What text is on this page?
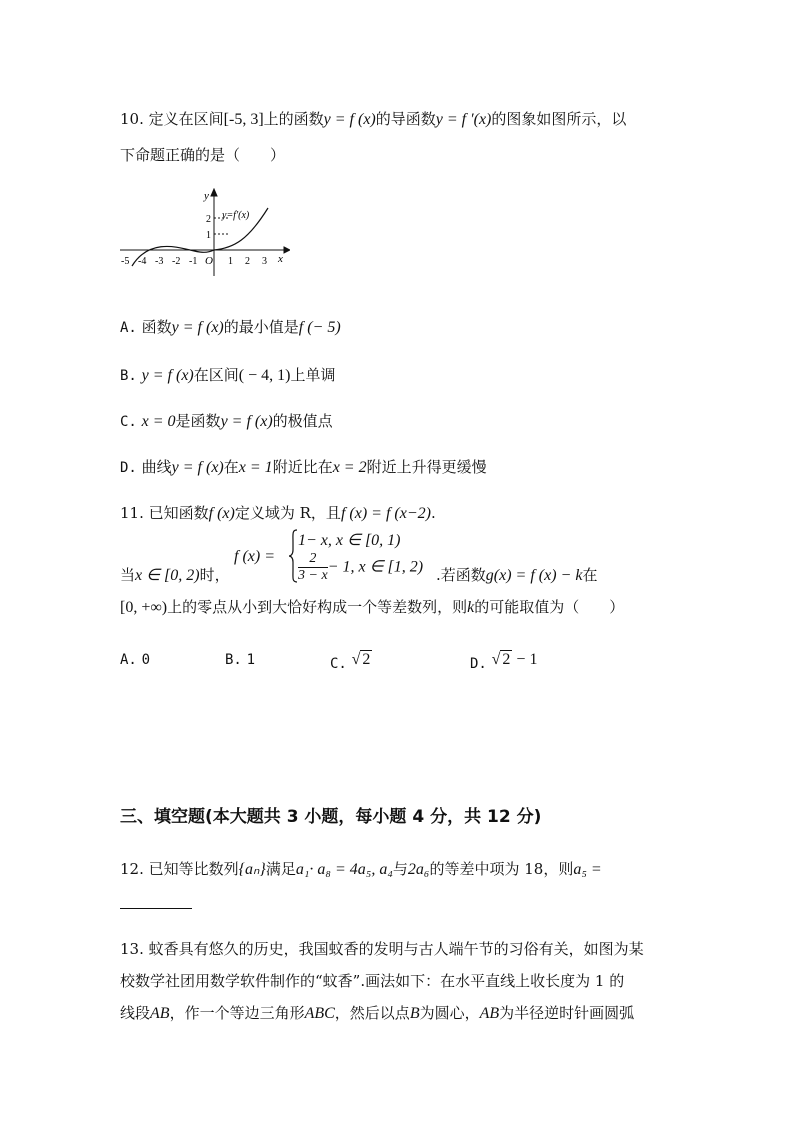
10. 定义在区间[-5, 3]上的函数y = f (x)的导函数y = f ′(x)的图象如图所示，以
下命题正确的是（　　）
y
x
y=f′(x)
O
-5 -4 -3 -2 -1	1 2 3
1
2
A. 函数y = f (x)的最小值是f (− 5)
B. y = f (x)在区间( − 4, 1)上单调
C. x = 0是函数y = f (x)的极值点
D. 曲线y = f (x)在x = 1附近比在x = 2附近上升得更缓慢
11. 已知函数f (x)定义域为 R，且f (x) = f (x−2).
当x ∈ [0, 2)时，
f (x) =
1− x, x ∈ [0, 1)
$\frac{2}{3 - x} - 1$, x ∈ [1, 2) .若函数g(x) = f (x) − k在
[0, +∞)上的零点从小到大恰好构成一个等差数列，则k的可能取值为（　　）
A. 0	B. 1	C. √ 2	D. √ 2 − 1
三、填空题(本大题共 3 小题，每小题 4 分，共 12 分)
12. 已知等比数列{aₙ}满足a₁· a₈ = 4a₅, a₄与2a₆的等差中项为 18，则a₅ =
13. 蚊香具有悠久的历史，我国蚊香的发明与古人端午节的习俗有关，如图为某
校数学社团用数学软件制作的“蚊香”.画法如下：在水平直线上收长度为 1 的
线段AB，作一个等边三角形ABC，然后以点B为圆心，AB为半径逆时针画圆弧
